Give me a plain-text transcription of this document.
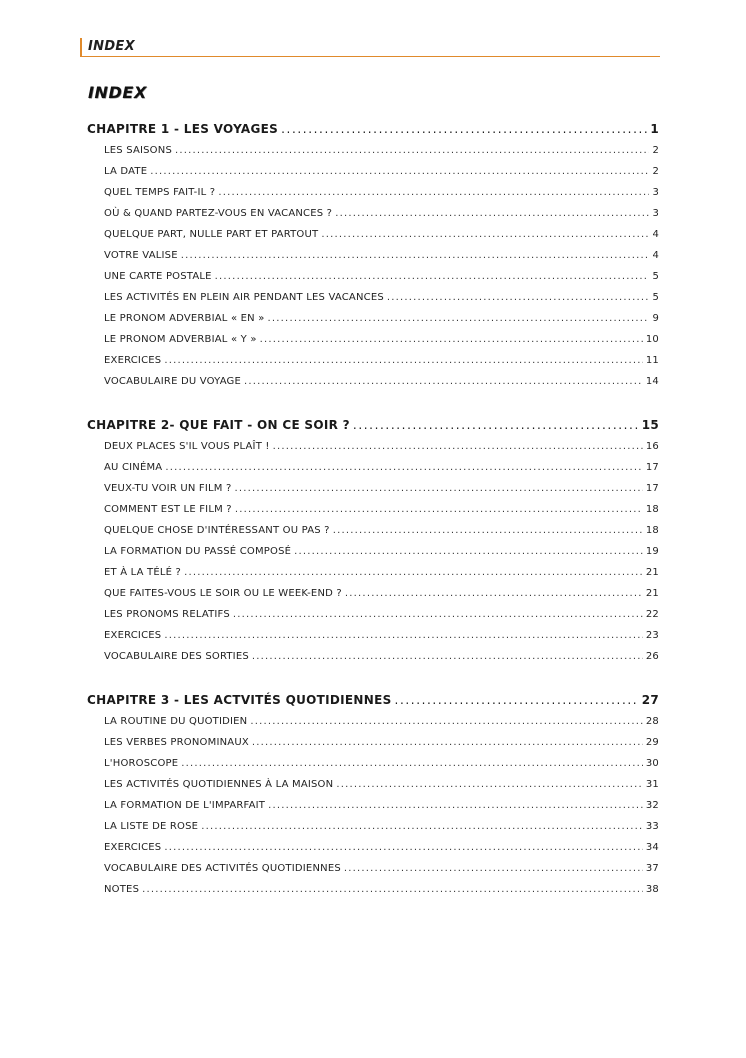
INDEX
INDEX
CHAPITRE 1 - LES VOYAGES .....	1
LES SAISONS .....	2
LA DATE .....	2
QUEL TEMPS FAIT-IL ? .....	3
OÙ & QUAND PARTEZ-VOUS EN VACANCES ? .....	3
QUELQUE PART, NULLE PART ET PARTOUT .....	4
VOTRE VALISE .....	4
UNE CARTE POSTALE .....	5
LES ACTIVITÉS EN PLEIN AIR PENDANT LES VACANCES .....	5
LE PRONOM ADVERBIAL « EN » .....	9
LE PRONOM ADVERBIAL « Y » .....	10
EXERCICES .....	11
VOCABULAIRE DU VOYAGE .....	14
CHAPITRE 2- QUE FAIT - ON CE SOIR ? .....	15
DEUX PLACES S'IL VOUS PLAÎT ! .....	16
AU CINÉMA .....	17
VEUX-TU VOIR UN FILM ? .....	17
COMMENT EST LE FILM ? .....	18
QUELQUE CHOSE D'INTÉRESSANT OU PAS ? .....	18
LA FORMATION DU PASSÉ COMPOSÉ .....	19
ET À LA TÉLÉ ? .....	21
QUE FAITES-VOUS LE SOIR OU LE WEEK-END ? .....	21
LES PRONOMS RELATIFS .....	22
EXERCICES .....	23
VOCABULAIRE DES SORTIES .....	26
CHAPITRE 3 - LES ACTVITÉS QUOTIDIENNES .....	27
LA ROUTINE DU QUOTIDIEN .....	28
LES VERBES PRONOMINAUX .....	29
L'HOROSCOPE .....	30
LES ACTIVITÉS QUOTIDIENNES À LA MAISON .....	31
LA FORMATION DE L'IMPARFAIT .....	32
LA LISTE DE ROSE .....	33
EXERCICES .....	34
VOCABULAIRE DES ACTIVITÉS QUOTIDIENNES .....	37
NOTES .....	38
